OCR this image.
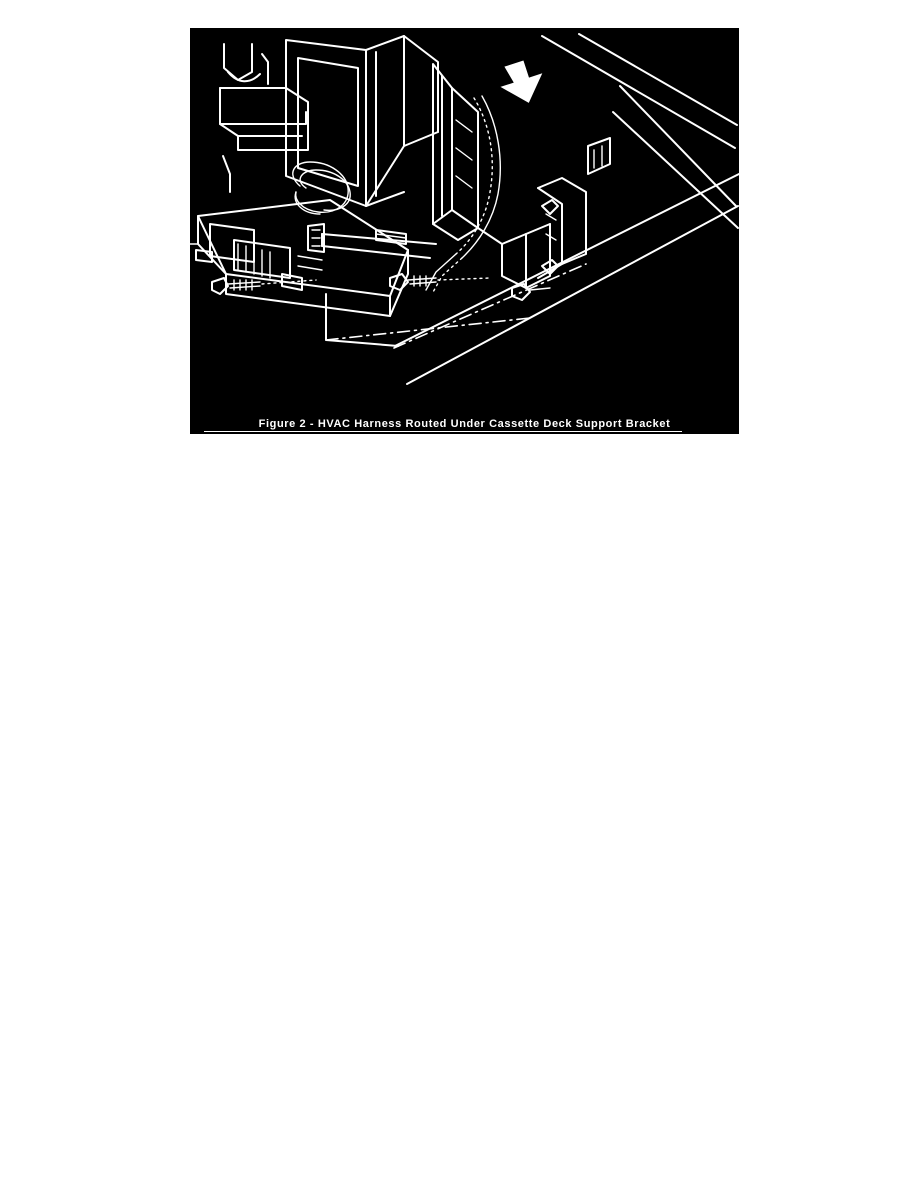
Figure 2 - HVAC Harness Routed Under Cassette Deck Support Bracket
